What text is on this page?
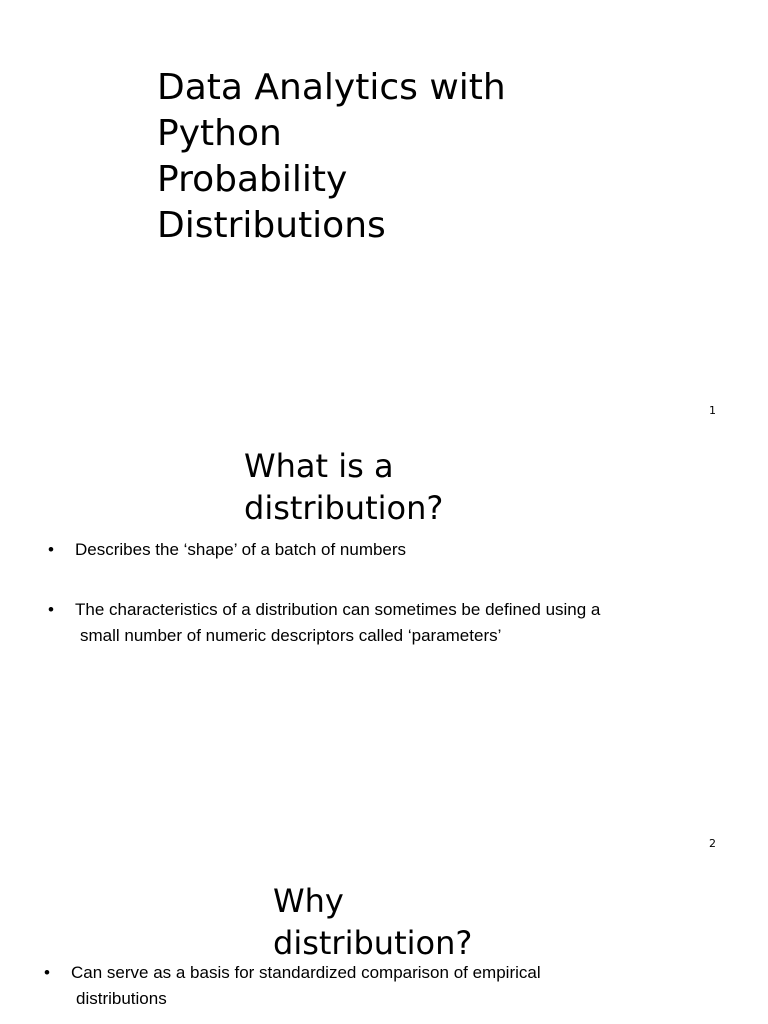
Data Analytics with
Python
Probability
Distributions
1
What is a
distribution?
• Describes the ‘shape’ of a batch of numbers
• The characteristics of a distribution can sometimes be defined using a
small number of numeric descriptors called ‘parameters’
2
Why
distribution?
• Can serve as a basis for standardized comparison of empirical
distributions
